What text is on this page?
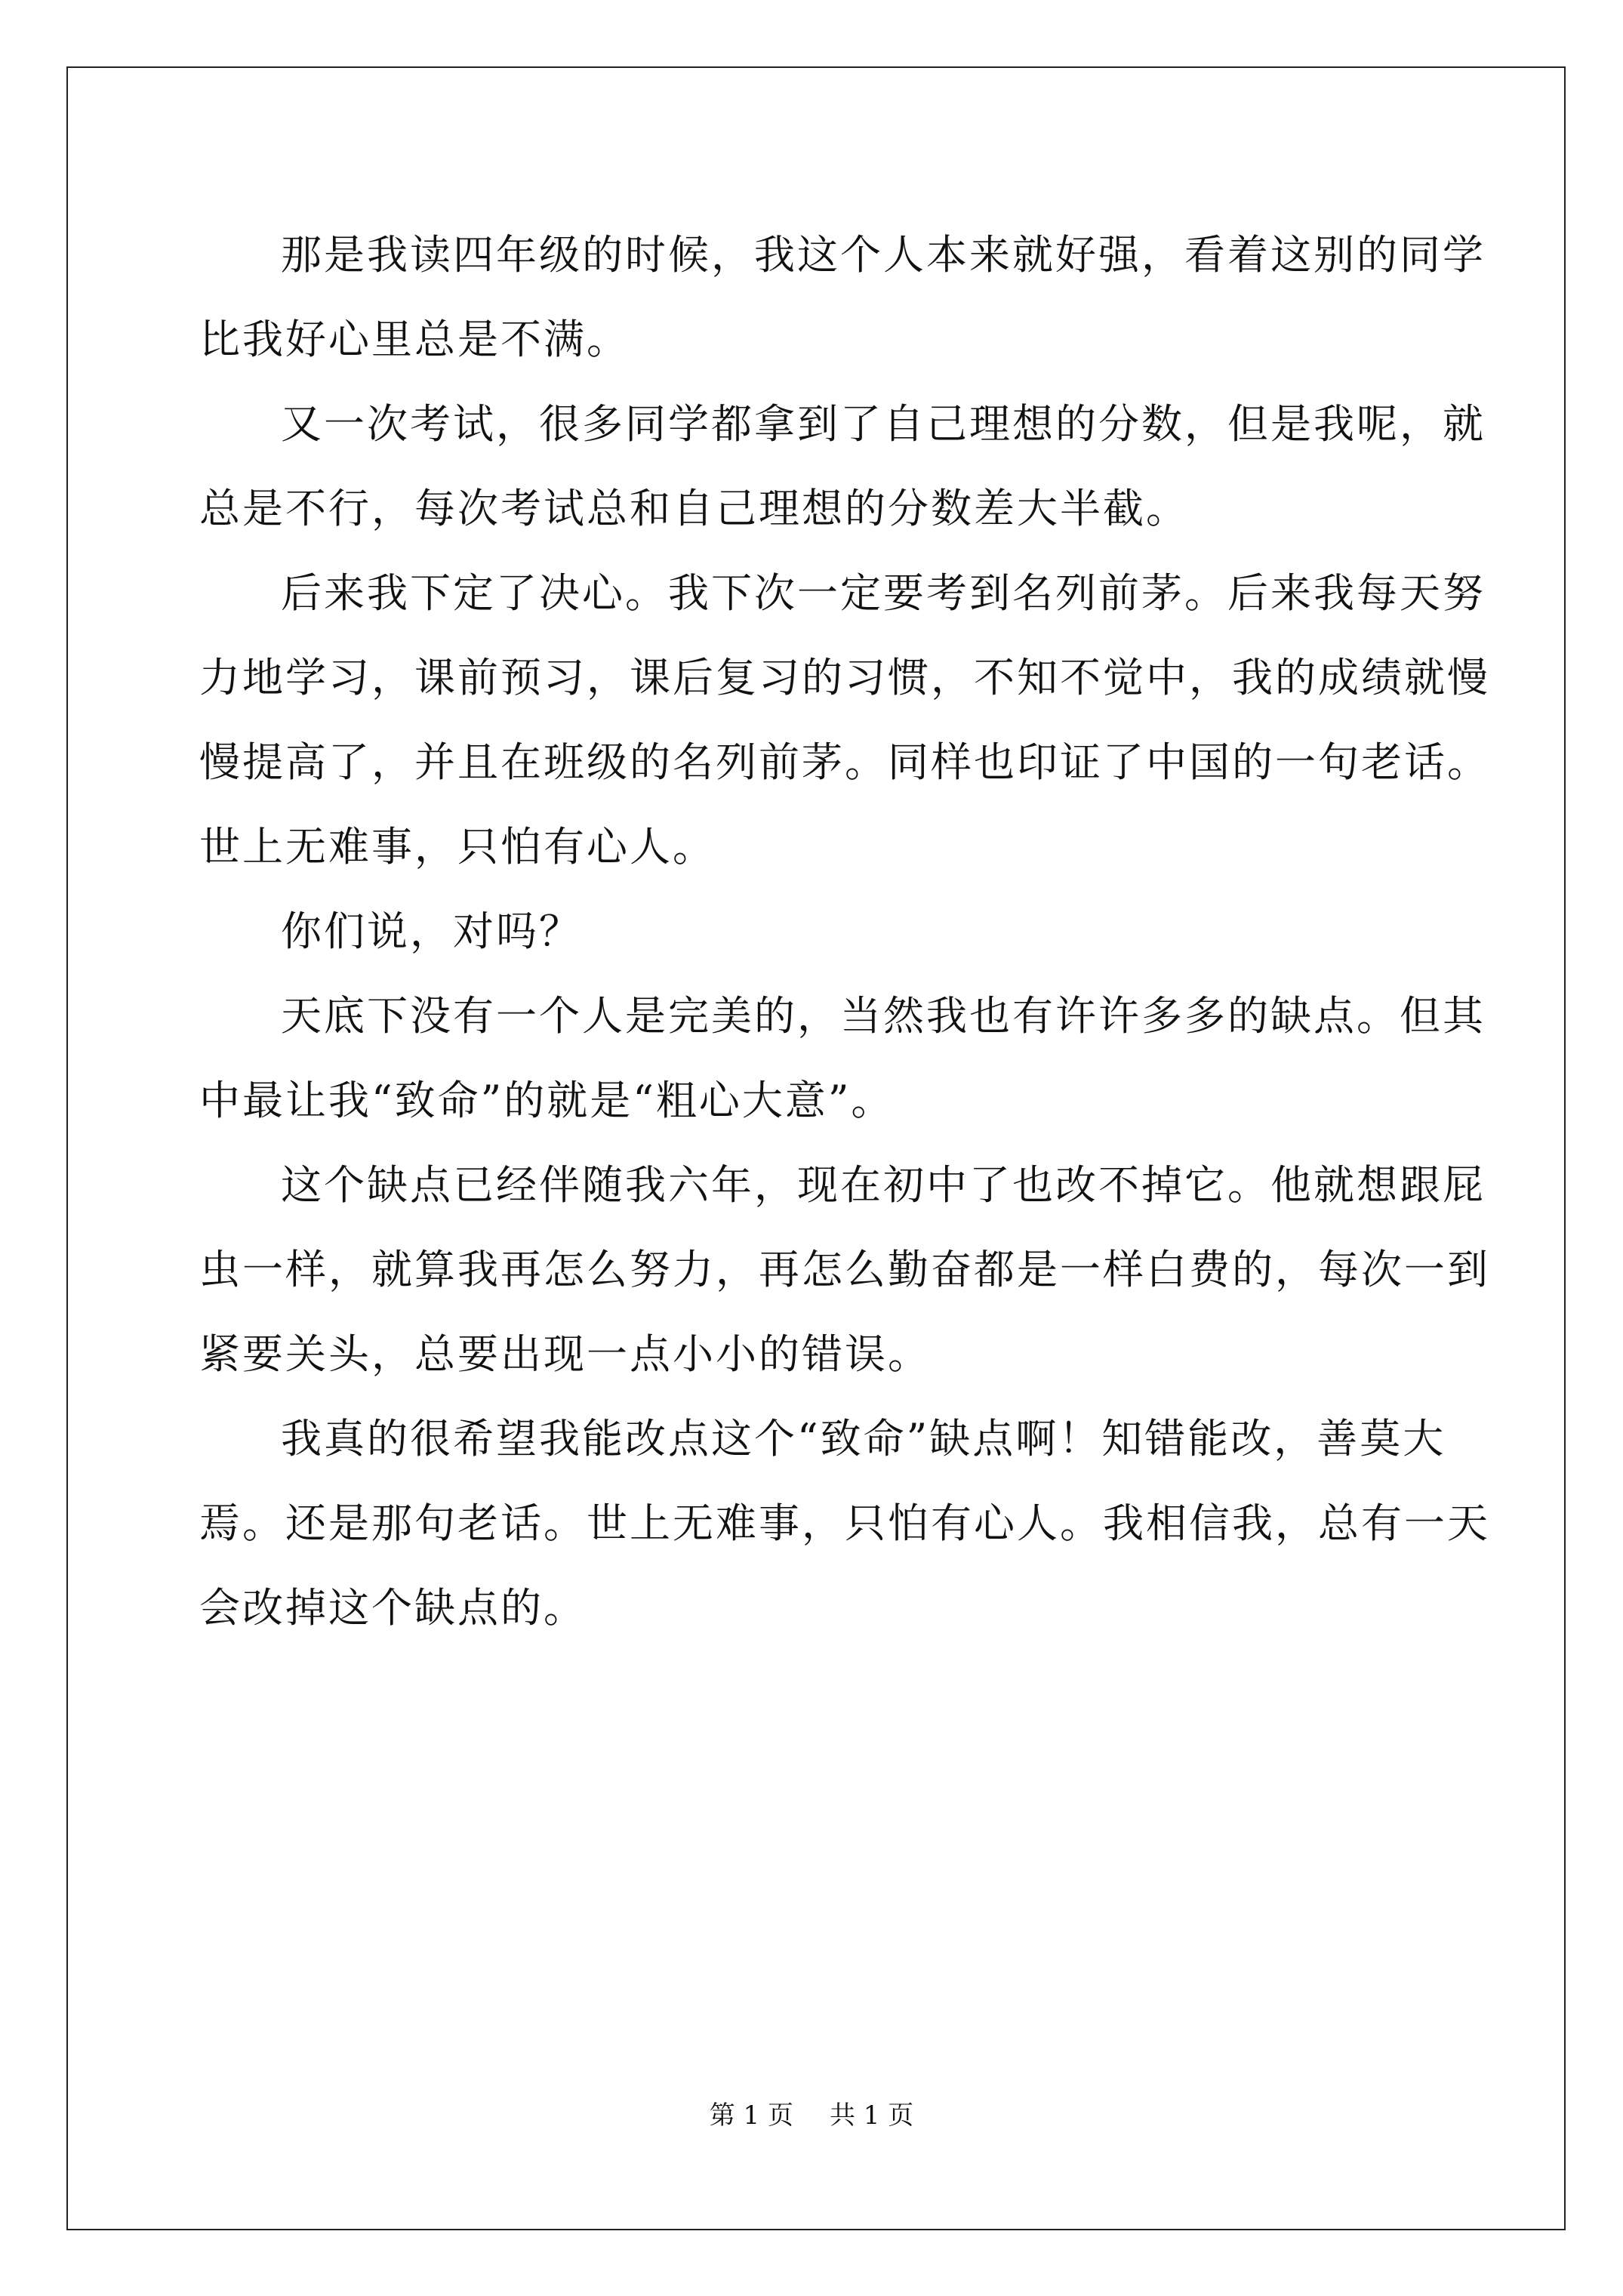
那是我读四年级的时候，我这个人本来就好强，看着这别的同学
比我好心里总是不满。
又一次考试，很多同学都拿到了自己理想的分数，但是我呢，就
总是不行，每次考试总和自己理想的分数差大半截。
后来我下定了决心。我下次一定要考到名列前茅。后来我每天努
力地学习，课前预习，课后复习的习惯，不知不觉中，我的成绩就慢
慢提高了，并且在班级的名列前茅。同样也印证了中国的一句老话。
世上无难事，只怕有心人。
你们说，对吗？
天底下没有一个人是完美的，当然我也有许许多多的缺点。但其
中最让我“致命”的就是“粗心大意”。
这个缺点已经伴随我六年，现在初中了也改不掉它。他就想跟屁
虫一样，就算我再怎么努力，再怎么勤奋都是一样白费的，每次一到
紧要关头，总要出现一点小小的错误。
我真的很希望我能改点这个“致命”缺点啊！知错能改，善莫大
焉。还是那句老话。世上无难事，只怕有心人。我相信我，总有一天
会改掉这个缺点的。
第 1 页 共 1 页
